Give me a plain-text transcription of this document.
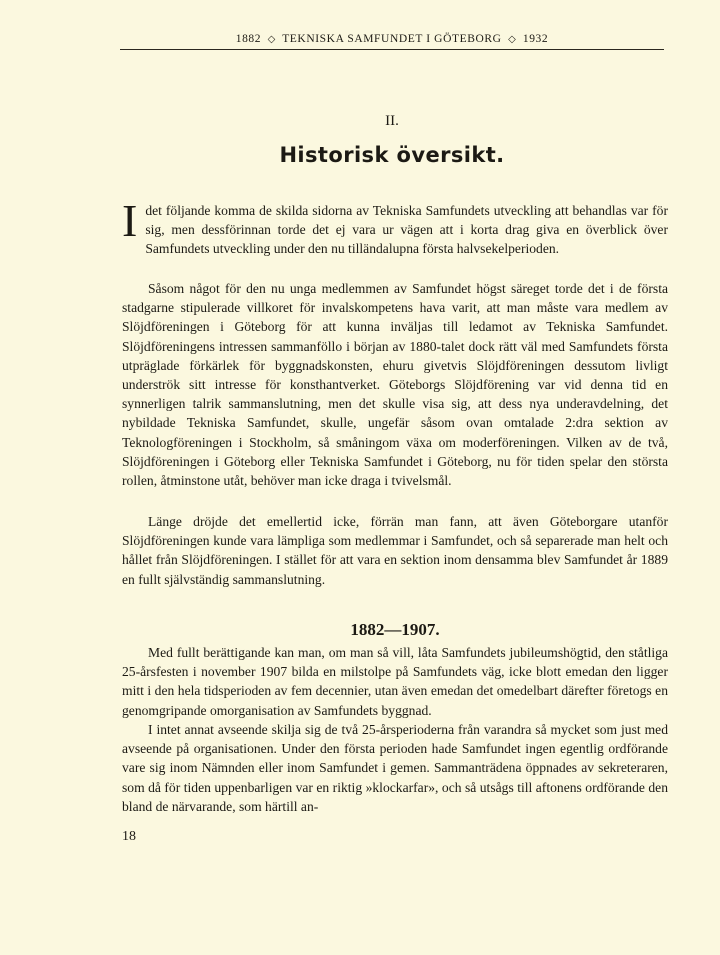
1882 ◇ TEKNISKA SAMFUNDET I GÖTEBORG ◇ 1932
II.
Historisk översikt.

Idet följande komma de skilda sidorna av Tekniska Samfundets utveckling att behandlas var för sig, men dessförinnan torde det ej vara ur vägen att i korta drag giva en överblick över Samfundets utveckling under den nu tilländalupna första halvsekelperioden.

Såsom något för den nu unga medlemmen av Samfundet högst säreget torde det i de första stadgarne stipulerade villkoret för invalskompetens hava varit, att man måste vara medlem av Slöjdföreningen i Göteborg för att kunna inväljas till ledamot av Tekniska Samfundet. Slöjdföreningens intressen sammanföllo i början av 1880-talet dock rätt väl med Samfundets första utpräglade förkärlek för byggnadskonsten, ehuru givetvis Slöjdföreningen dessutom livligt underströk sitt intresse för konsthantverket. Göteborgs Slöjdförening var vid denna tid en synnerligen talrik sammanslutning, men det skulle visa sig, att dess nya underavdelning, det nybildade Tekniska Samfundet, skulle, ungefär såsom ovan omtalade 2:dra sektion av Teknologföreningen i Stockholm, så småningom växa om moderföreningen. Vilken av de två, Slöjdföreningen i Göteborg eller Tekniska Samfundet i Göteborg, nu för tiden spelar den största rollen, åtminstone utåt, behöver man icke draga i tvivelsmål.

Länge dröjde det emellertid icke, förrän man fann, att även Göteborgare utanför Slöjdföreningen kunde vara lämpliga som medlemmar i Samfundet, och så separerade man helt och hållet från Slöjdföreningen. I stället för att vara en sektion inom densamma blev Samfundet år 1889 en fullt självständig sammanslutning.

1882—1907.

Med fullt berättigande kan man, om man så vill, låta Samfundets jubileumshögtid, den ståtliga 25-årsfesten i november 1907 bilda en milstolpe på Samfundets väg, icke blott emedan den ligger mitt i den hela tidsperioden av fem decennier, utan även emedan det omedelbart därefter företogs en genomgripande omorganisation av Samfundets byggnad.

I intet annat avseende skilja sig de två 25-årsperioderna från varandra så mycket som just med avseende på organisationen. Under den första perioden hade Samfundet ingen egentlig ordförande vare sig inom Nämnden eller inom Samfundet i gemen. Sammanträdena öppnades av sekreteraren, som då för tiden uppenbarligen var en riktig »klockarfar», och så utsågs till aftonens ordförande den bland de närvarande, som härtill an-

18
